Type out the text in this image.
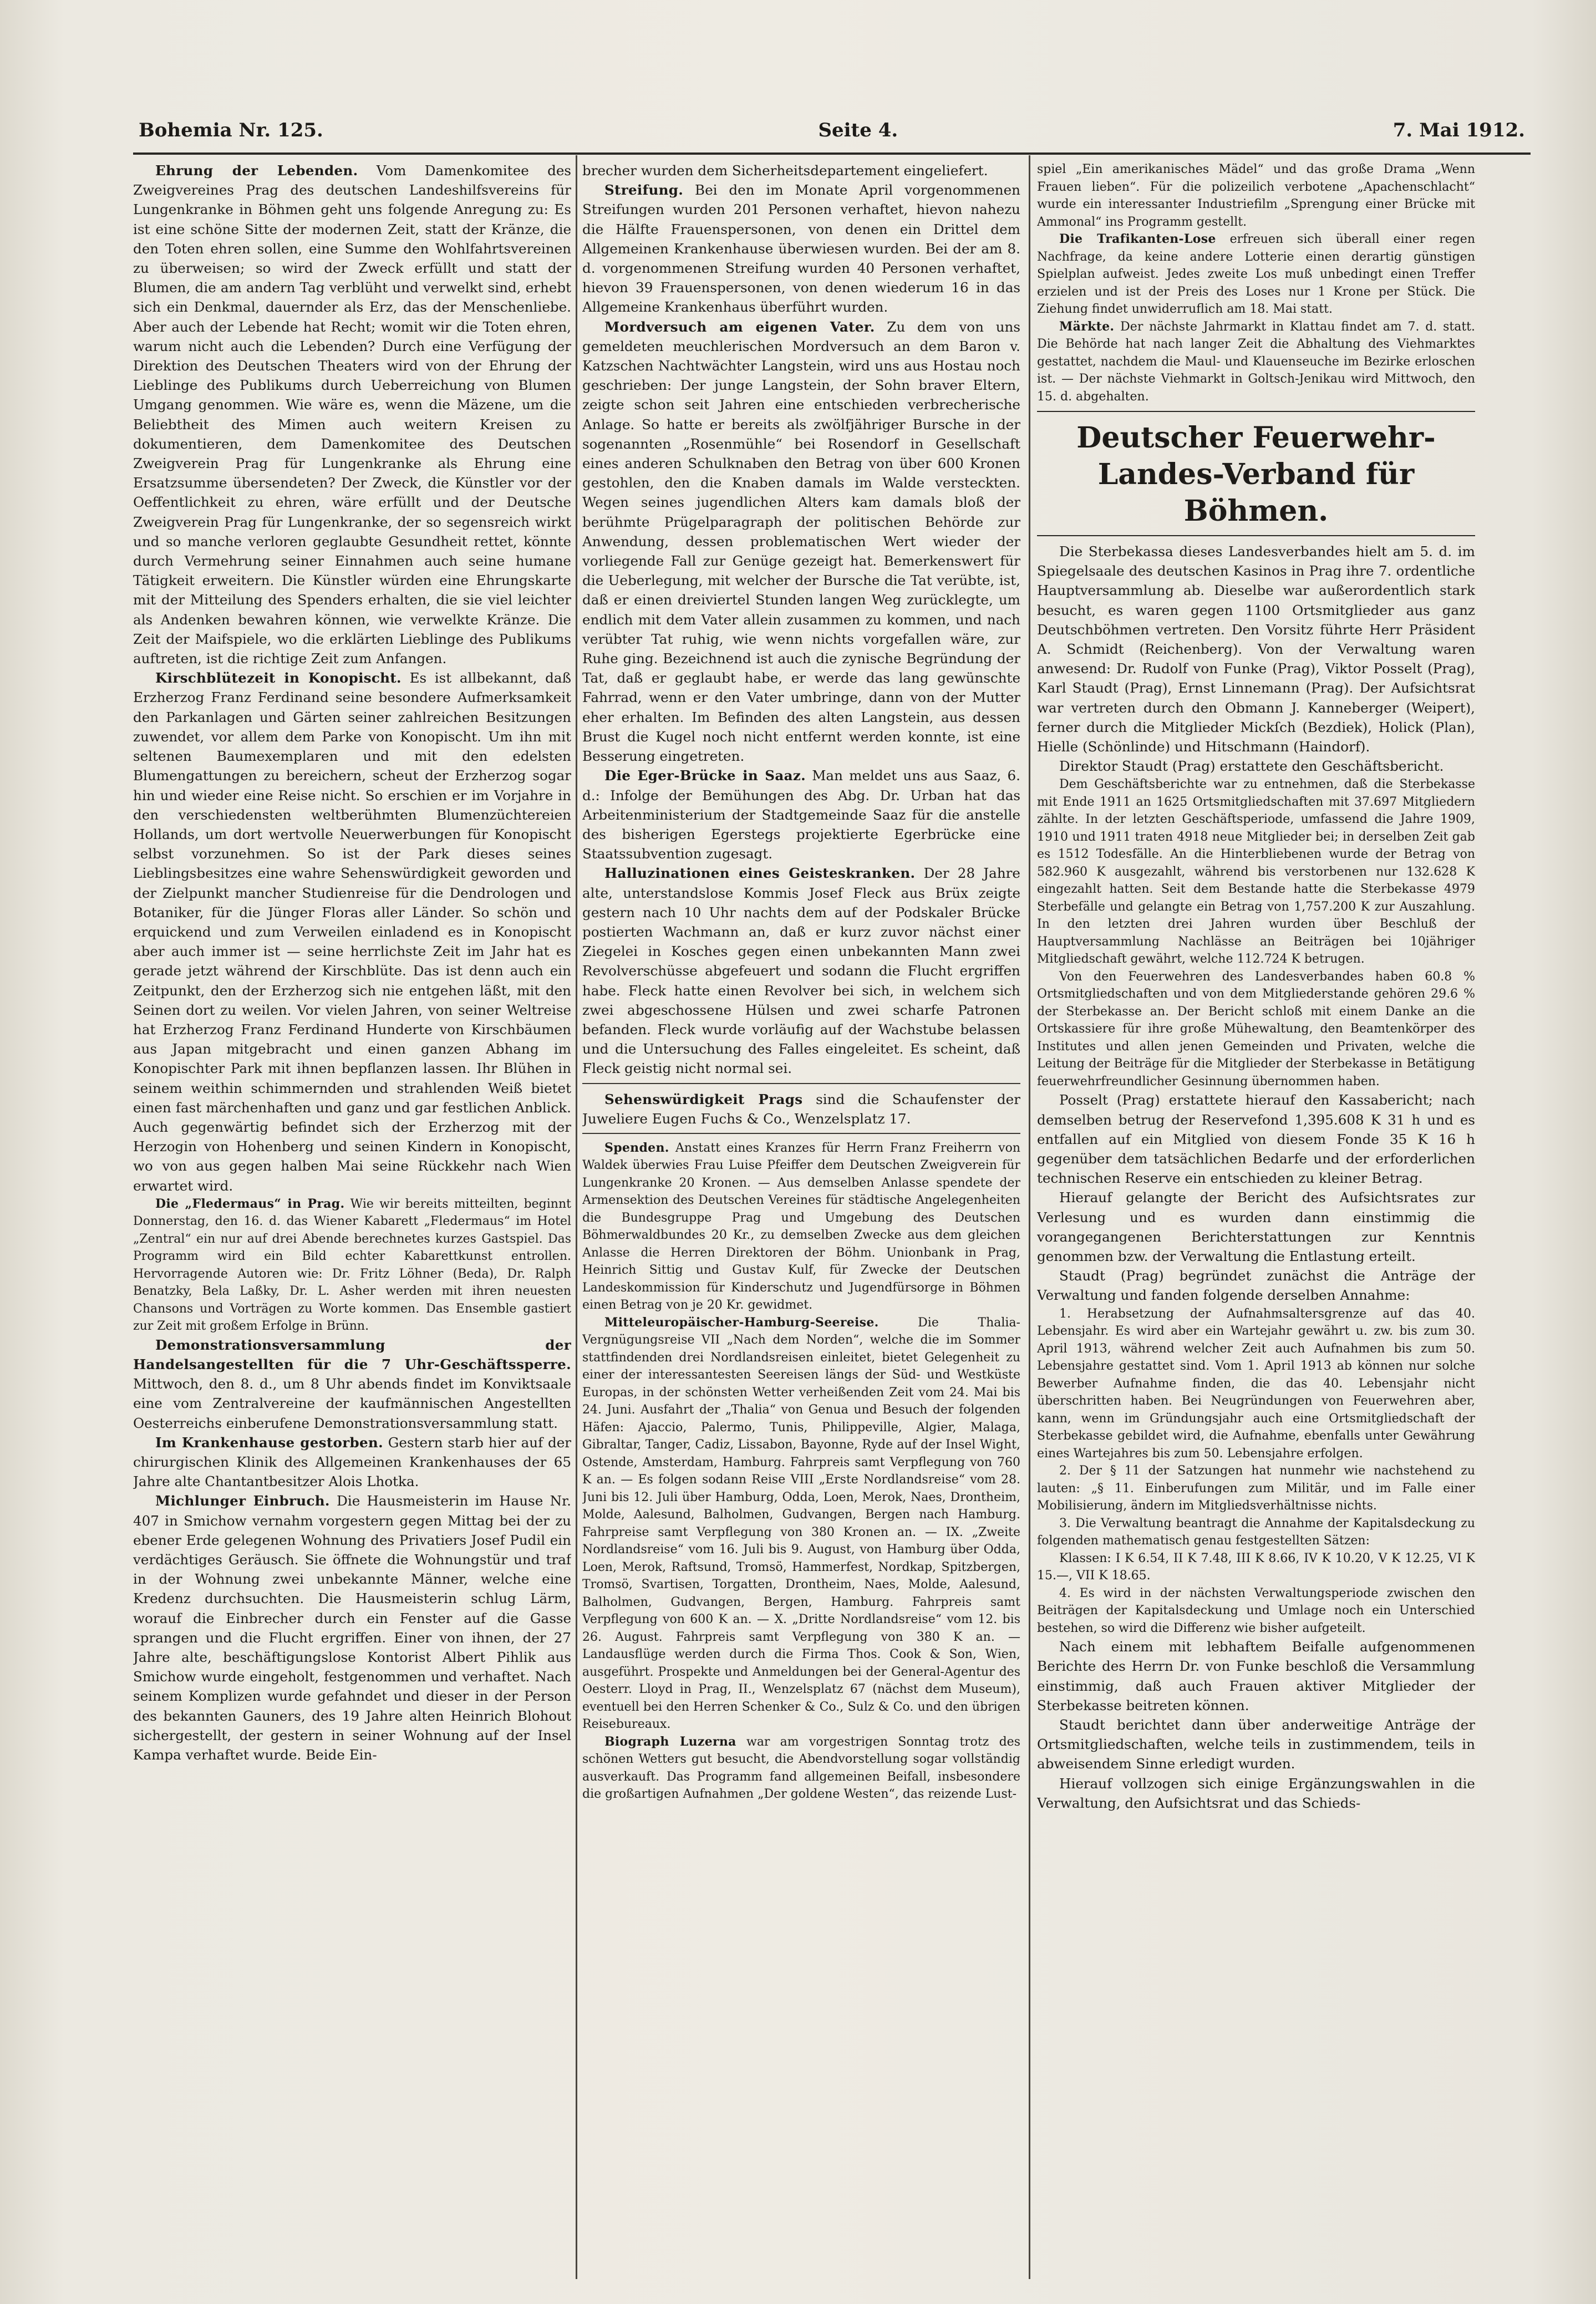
Bohemia Nr. 125.	Seite 4.	7. Mai 1912.

Ehrung der Lebenden. Vom Damenkomitee des Zweigvereines Prag des deutschen Landeshilfsvereins für Lungenkranke in Böhmen geht uns folgende Anregung zu: Es ist eine schöne Sitte der modernen Zeit, statt der Kränze, die den Toten ehren sollen, eine Summe den Wohlfahrtsvereinen zu überweisen; so wird der Zweck erfüllt und statt der Blumen, die am andern Tag verblüht und verwelkt sind, erhebt sich ein Denkmal, dauernder als Erz, das der Menschenliebe. Aber auch der Lebende hat Recht; womit wir die Toten ehren, warum nicht auch die Lebenden? Durch eine Verfügung der Direktion des Deutschen Theaters wird von der Ehrung der Lieblinge des Publikums durch Ueberreichung von Blumen Umgang genommen. Wie wäre es, wenn die Mäzene, um die Beliebtheit des Mimen auch weitern Kreisen zu dokumentieren, dem Damenkomitee des Deutschen Zweigverein Prag für Lungenkranke als Ehrung eine Ersatzsumme übersendeten? Der Zweck, die Künstler vor der Oeffentlichkeit zu ehren, wäre erfüllt und der Deutsche Zweigverein Prag für Lungenkranke, der so segensreich wirkt und so manche verloren geglaubte Gesundheit rettet, könnte durch Vermehrung seiner Einnahmen auch seine humane Tätigkeit erweitern. Die Künstler würden eine Ehrungskarte mit der Mitteilung des Spenders erhalten, die sie viel leichter als Andenken bewahren können, wie verwelkte Kränze. Die Zeit der Maifspiele, wo die erklärten Lieblinge des Publikums auftreten, ist die richtige Zeit zum Anfangen.

Kirschblütezeit in Konopischt. Es ist allbekannt, daß Erzherzog Franz Ferdinand seine besondere Aufmerksamkeit den Parkanlagen und Gärten seiner zahlreichen Besitzungen zuwendet, vor allem dem Parke von Konopischt. Um ihn mit seltenen Baumexemplaren und mit den edelsten Blumengattungen zu bereichern, scheut der Erzherzog sogar hin und wieder eine Reise nicht. So erschien er im Vorjahre in den verschiedensten weltberühmten Blumenzüchtereien Hollands, um dort wertvolle Neuerwerbungen für Konopischt selbst vorzunehmen. So ist der Park dieses seines Lieblingsbesitzes eine wahre Sehenswürdigkeit geworden und der Zielpunkt mancher Studienreise für die Dendrologen und Botaniker, für die Jünger Floras aller Länder. So schön und erquickend und zum Verweilen einladend es in Konopischt aber auch immer ist — seine herrlichste Zeit im Jahr hat es gerade jetzt während der Kirschblüte. Das ist denn auch ein Zeitpunkt, den der Erzherzog sich nie entgehen läßt, mit den Seinen dort zu weilen. Vor vielen Jahren, von seiner Weltreise hat Erzherzog Franz Ferdinand Hunderte von Kirschbäumen aus Japan mitgebracht und einen ganzen Abhang im Konopischter Park mit ihnen bepflanzen lassen. Ihr Blühen in seinem weithin schimmernden und strahlenden Weiß bietet einen fast märchenhaften und ganz und gar festlichen Anblick. Auch gegenwärtig befindet sich der Erzherzog mit der Herzogin von Hohenberg und seinen Kindern in Konopischt, wo von aus gegen halben Mai seine Rückkehr nach Wien erwartet wird.

Die „Fledermaus“ in Prag. Wie wir bereits mitteilten, beginnt Donnerstag, den 16. d. das Wiener Kabarett „Fledermaus“ im Hotel „Zentral“ ein nur auf drei Abende berechnetes kurzes Gastspiel. Das Programm wird ein Bild echter Kabarettkunst entrollen. Hervorragende Autoren wie: Dr. Fritz Löhner (Beda), Dr. Ralph Benatzky, Bela Laßky, Dr. L. Asher werden mit ihren neuesten Chansons und Vorträgen zu Worte kommen. Das Ensemble gastiert zur Zeit mit großem Erfolge in Brünn.

Demonstrationsversammlung der Handelsangestellten für die 7 Uhr-Geschäftssperre. Mittwoch, den 8. d., um 8 Uhr abends findet im Konviktsaale eine vom Zentralvereine der kaufmännischen Angestellten Oesterreichs einberufene Demonstrationsversammlung statt.

Im Krankenhause gestorben. Gestern starb hier auf der chirurgischen Klinik des Allgemeinen Krankenhauses der 65 Jahre alte Chantantbesitzer Alois Lhotka.

Michlunger Einbruch. Die Hausmeisterin im Hause Nr. 407 in Smichow vernahm vorgestern gegen Mittag bei der zu ebener Erde gelegenen Wohnung des Privatiers Josef Pudil ein verdächtiges Geräusch. Sie öffnete die Wohnungstür und traf in der Wohnung zwei unbekannte Männer, welche eine Kredenz durchsuchten. Die Hausmeisterin schlug Lärm, worauf die Einbrecher durch ein Fenster auf die Gasse sprangen und die Flucht ergriffen. Einer von ihnen, der 27 Jahre alte, beschäftigungslose Kontorist Albert Pihlik aus Smichow wurde eingeholt, festgenommen und verhaftet. Nach seinem Komplizen wurde gefahndet und dieser in der Person des bekannten Gauners, des 19 Jahre alten Heinrich Blohout sichergestellt, der gestern in seiner Wohnung auf der Insel Kampa verhaftet wurde. Beide Ein-

brecher wurden dem Sicherheitsdepartement eingeliefert.

Streifung. Bei den im Monate April vorgenommenen Streifungen wurden 201 Personen verhaftet, hievon nahezu die Hälfte Frauenspersonen, von denen ein Drittel dem Allgemeinen Krankenhause überwiesen wurden. Bei der am 8. d. vorgenommenen Streifung wurden 40 Personen verhaftet, hievon 39 Frauenspersonen, von denen wiederum 16 in das Allgemeine Krankenhaus überführt wurden.

Mordversuch am eigenen Vater. Zu dem von uns gemeldeten meuchlerischen Mordversuch an dem Baron v. Katzschen Nachtwächter Langstein, wird uns aus Hostau noch geschrieben: Der junge Langstein, der Sohn braver Eltern, zeigte schon seit Jahren eine entschieden verbrecherische Anlage. So hatte er bereits als zwölfjähriger Bursche in der sogenannten „Rosenmühle“ bei Rosendorf in Gesellschaft eines anderen Schulknaben den Betrag von über 600 Kronen gestohlen, den die Knaben damals im Walde versteckten. Wegen seines jugendlichen Alters kam damals bloß der berühmte Prügelparagraph der politischen Behörde zur Anwendung, dessen problematischen Wert wieder der vorliegende Fall zur Genüge gezeigt hat. Bemerkenswert für die Ueberlegung, mit welcher der Bursche die Tat verübte, ist, daß er einen dreiviertel Stunden langen Weg zurücklegte, um endlich mit dem Vater allein zusammen zu kommen, und nach verübter Tat ruhig, wie wenn nichts vorgefallen wäre, zur Ruhe ging. Bezeichnend ist auch die zynische Begründung der Tat, daß er geglaubt habe, er werde das lang gewünschte Fahrrad, wenn er den Vater umbringe, dann von der Mutter eher erhalten. Im Befinden des alten Langstein, aus dessen Brust die Kugel noch nicht entfernt werden konnte, ist eine Besserung eingetreten.

Die Eger-Brücke in Saaz. Man meldet uns aus Saaz, 6. d.: Infolge der Bemühungen des Abg. Dr. Urban hat das Arbeitenministerium der Stadtgemeinde Saaz für die anstelle des bisherigen Egerstegs projektierte Egerbrücke eine Staatssubvention zugesagt.

Halluzinationen eines Geisteskranken. Der 28 Jahre alte, unterstandslose Kommis Josef Fleck aus Brüx zeigte gestern nach 10 Uhr nachts dem auf der Podskaler Brücke postierten Wachmann an, daß er kurz zuvor nächst einer Ziegelei in Kosches gegen einen unbekannten Mann zwei Revolverschüsse abgefeuert und sodann die Flucht ergriffen habe. Fleck hatte einen Revolver bei sich, in welchem sich zwei abgeschossene Hülsen und zwei scharfe Patronen befanden. Fleck wurde vorläufig auf der Wachstube belassen und die Untersuchung des Falles eingeleitet. Es scheint, daß Fleck geistig nicht normal sei.

Sehenswürdigkeit Prags sind die Schaufenster der Juweliere Eugen Fuchs & Co., Wenzelsplatz 17.

Spenden. Anstatt eines Kranzes für Herrn Franz Freiherrn von Waldek überwies Frau Luise Pfeiffer dem Deutschen Zweigverein für Lungenkranke 20 Kronen. — Aus demselben Anlasse spendete der Armensektion des Deutschen Vereines für städtische Angelegenheiten die Bundesgruppe Prag und Umgebung des Deutschen Böhmerwaldbundes 20 Kr., zu demselben Zwecke aus dem gleichen Anlasse die Herren Direktoren der Böhm. Unionbank in Prag, Heinrich Sittig und Gustav Kulf, für Zwecke der Deutschen Landeskommission für Kinderschutz und Jugendfürsorge in Böhmen einen Betrag von je 20 Kr. gewidmet.

Mitteleuropäischer-Hamburg-Seereise.	Die Thalia-Vergnügungsreise VII „Nach dem Norden“, welche die im Sommer stattfindenden drei Nordlandsreisen einleitet, bietet Gelegenheit zu einer der interessantesten Seereisen längs der Süd- und Westküste Europas, in der schönsten Wetter verheißenden Zeit vom 24. Mai bis 24. Juni. Ausfahrt der „Thalia“ von Genua und Besuch der folgenden Häfen: Ajaccio, Palermo, Tunis, Philippeville, Algier, Malaga, Gibraltar, Tanger, Cadiz, Lissabon, Bayonne, Ryde auf der Insel Wight, Ostende, Amsterdam, Hamburg. Fahrpreis samt Verpflegung von 760 K an. — Es folgen sodann Reise VIII „Erste Nordlandsreise“ vom 28. Juni bis 12. Juli über Hamburg, Odda, Loen, Merok, Naes, Drontheim, Molde, Aalesund, Balholmen, Gudvangen, Bergen nach Hamburg. Fahrpreise samt Verpflegung von 380 Kronen an. — IX. „Zweite Nordlandsreise“ vom 16. Juli bis 9. August, von Hamburg über Odda, Loen, Merok, Raftsund, Tromsö, Hammerfest, Nordkap, Spitzbergen, Tromsö, Svartisen, Torgatten, Drontheim, Naes, Molde, Aalesund, Balholmen, Gudvangen, Bergen, Hamburg. Fahrpreis samt Verpflegung von 600 K an. — X. „Dritte Nordlandsreise“ vom 12. bis 26. August. Fahrpreis samt Verpflegung von 380 K an. — Landausflüge werden durch die Firma Thos. Cook & Son, Wien, ausgeführt. Prospekte und Anmeldungen bei der General-Agentur des Oesterr. Lloyd in Prag, II., Wenzelsplatz 67 (nächst dem Museum), eventuell bei den Herren Schenker & Co., Sulz & Co. und den übrigen Reisebureaux.

Biograph Luzerna war am vorgestrigen Sonntag trotz des schönen Wetters gut besucht, die Abendvorstellung sogar vollständig ausverkauft. Das Programm fand allgemeinen Beifall, insbesondere die großartigen Aufnahmen „Der goldene Westen“, das reizende Lust-

spiel „Ein amerikanisches Mädel“ und das große Drama „Wenn Frauen lieben“. Für die polizeilich verbotene „Apachenschlacht“ wurde ein interessanter Industriefilm „Sprengung einer Brücke mit Ammonal“ ins Programm gestellt.

Die Trafikanten-Lose erfreuen sich überall einer regen Nachfrage, da keine andere Lotterie einen derartig günstigen Spielplan aufweist. Jedes zweite Los muß unbedingt einen Treffer erzielen und ist der Preis des Loses nur 1 Krone per Stück. Die Ziehung findet unwiderruflich am 18. Mai statt.

Märkte. Der nächste Jahrmarkt in Klattau findet am 7. d. statt. Die Behörde hat nach langer Zeit die Abhaltung des Viehmarktes gestattet, nachdem die Maul- und Klauenseuche im Bezirke erloschen ist. — Der nächste Viehmarkt in Goltsch-Jenikau wird Mittwoch, den 15. d. abgehalten.

Deutscher Feuerwehr-Landes-Verband für Böhmen.

Die Sterbekassa dieses Landesverbandes hielt am 5. d. im Spiegelsaale des deutschen Kasinos in Prag ihre 7. ordentliche Hauptversammlung ab. Dieselbe war außerordentlich stark besucht, es waren gegen 1100 Ortsmitglieder aus ganz Deutschböhmen vertreten. Den Vorsitz führte Herr Präsident A. Schmidt (Reichenberg). Von der Verwaltung waren anwesend: Dr. Rudolf von Funke (Prag), Viktor Posselt (Prag), Karl Staudt (Prag), Ernst Linnemann (Prag). Der Aufsichtsrat war vertreten durch den Obmann J. Kanneberger (Weipert), ferner durch die Mitglieder Mickſch (Bezdiek), Holick (Plan), Hielle (Schönlinde) und Hitschmann (Haindorf).

Direktor Staudt (Prag) erstattete den Geschäftsbericht.

Dem Geschäftsberichte war zu entnehmen, daß die Sterbekasse mit Ende 1911 an 1625 Ortsmitgliedschaften mit 37.697 Mitgliedern zählte. In der letzten Geschäftsperiode, umfassend die Jahre 1909, 1910 und 1911 traten 4918 neue Mitglieder bei; in derselben Zeit gab es 1512 Todesfälle. An die Hinterbliebenen wurde der Betrag von 582.960 K ausgezahlt, während bis verstorbenen nur 132.628 K eingezahlt hatten. Seit dem Bestande hatte die Sterbekasse 4979 Sterbefälle und gelangte ein Betrag von 1,757.200 K zur Auszahlung. In den letzten drei Jahren wurden über Beschluß der Hauptversammlung Nachlässe an Beiträgen bei 10jähriger Mitgliedschaft gewährt, welche 112.724 K betrugen.

Von den Feuerwehren des Landesverbandes haben 60.8 % Ortsmitgliedschaften und von dem Mitgliederstande gehören 29.6 % der Sterbekasse an. Der Bericht schloß mit einem Danke an die Ortskassiere für ihre große Mühewaltung, den Beamtenkörper des Institutes und allen jenen Gemeinden und Privaten, welche die Leitung der Beiträge für die Mitglieder der Sterbekasse in Betätigung feuerwehrfreundlicher Gesinnung übernommen haben.

Posselt (Prag) erstattete hierauf den Kassabericht; nach demselben betrug der Reservefond 1,395.608 K 31 h und es entfallen auf ein Mitglied von diesem Fonde 35 K 16 h gegenüber dem tatsächlichen Bedarfe und der erforderlichen technischen Reserve ein entschieden zu kleiner Betrag.

Hierauf gelangte der Bericht des Aufsichtsrates zur Verlesung und es wurden dann einstimmig die vorangegangenen Berichterstattungen zur Kenntnis genommen bzw. der Verwaltung die Entlastung erteilt.

Staudt (Prag) begründet zunächst die Anträge der Verwaltung und fanden folgende derselben Annahme:

1. Herabsetzung der Aufnahmsaltersgrenze auf das 40. Lebensjahr. Es wird aber ein Wartejahr gewährt u. zw. bis zum 30. April 1913, während welcher Zeit auch Aufnahmen bis zum 50. Lebensjahre gestattet sind. Vom 1. April 1913 ab können nur solche Bewerber Aufnahme finden, die das 40. Lebensjahr nicht überschritten haben. Bei Neugründungen von Feuerwehren aber, kann, wenn im Gründungsjahr auch eine Ortsmitgliedschaft der Sterbekasse gebildet wird, die Aufnahme, ebenfalls unter Gewährung eines Wartejahres bis zum 50. Lebensjahre erfolgen.

2. Der § 11 der Satzungen hat nunmehr wie nachstehend zu lauten: „§ 11. Einberufungen zum Militär, und im Falle einer Mobilisierung, ändern im Mitgliedsverhältnisse nichts.

3. Die Verwaltung beantragt die Annahme der Kapitalsdeckung zu folgenden mathematisch genau festgestellten Sätzen:

Klassen: I K 6.54, II K 7.48, III K 8.66, IV K 10.20, V K 12.25, VI K 15.—, VII K 18.65.

4. Es wird in der nächsten Verwaltungsperiode zwischen den Beiträgen der Kapitalsdeckung und Umlage noch ein Unterschied bestehen, so wird die Differenz wie bisher aufgeteilt.

Nach einem mit lebhaftem Beifalle aufgenommenen Berichte des Herrn Dr. von Funke beschloß die Versammlung einstimmig, daß auch Frauen aktiver Mitglieder der Sterbekasse beitreten können.

Staudt berichtet dann über anderweitige Anträge der Ortsmitgliedschaften, welche teils in zustimmendem, teils in abweisendem Sinne erledigt wurden.

Hierauf vollzogen sich einige Ergänzungswahlen in die Verwaltung, den Aufsichtsrat und das Schieds-
